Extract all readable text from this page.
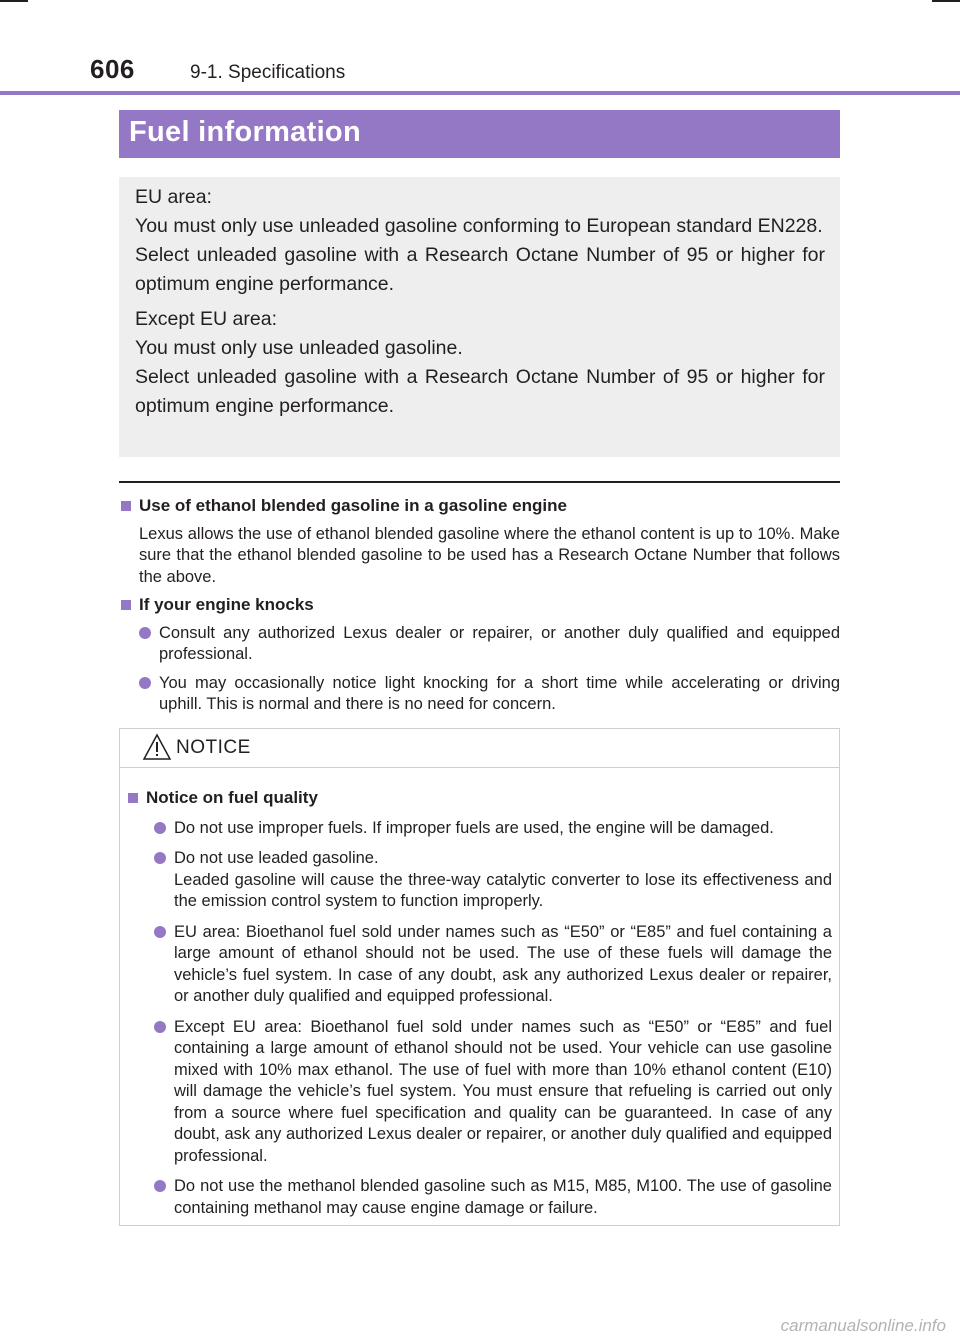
606	9-1. Specifications
Fuel information

EU area:

You must only use unleaded gasoline conforming to European standard EN228.

Select unleaded gasoline with a Research Octane Number of 95 or higher for optimum engine performance.

Except EU area:

You must only use unleaded gasoline.

Select unleaded gasoline with a Research Octane Number of 95 or higher for optimum engine performance.

Use of ethanol blended gasoline in a gasoline engine
Lexus allows the use of ethanol blended gasoline where the ethanol content is up to 10%. Make sure that the ethanol blended gasoline to be used has a Research Octane Number that follows the above.
If your engine knocks
Consult any authorized Lexus dealer or repairer, or another duly qualified and equipped professional.
You may occasionally notice light knocking for a short time while accelerating or driving uphill. This is normal and there is no need for concern.
NOTICE
Notice on fuel quality
Do not use improper fuels. If improper fuels are used, the engine will be damaged.
Do not use leaded gasoline.
Leaded gasoline will cause the three-way catalytic converter to lose its effectiveness and the emission control system to function improperly.
EU area: Bioethanol fuel sold under names such as “E50” or “E85” and fuel containing a large amount of ethanol should not be used. The use of these fuels will damage the vehicle’s fuel system. In case of any doubt, ask any authorized Lexus dealer or repairer, or another duly qualified and equipped professional.
Except EU area: Bioethanol fuel sold under names such as “E50” or “E85” and fuel containing a large amount of ethanol should not be used. Your vehicle can use gasoline mixed with 10% max ethanol. The use of fuel with more than 10% ethanol content (E10) will damage the vehicle’s fuel system. You must ensure that refueling is carried out only from a source where fuel specification and quality can be guaranteed. In case of any doubt, ask any authorized Lexus dealer or repairer, or another duly qualified and equipped professional.
Do not use the methanol blended gasoline such as M15, M85, M100. The use of gasoline containing methanol may cause engine damage or failure.
carmanualsonline.info
